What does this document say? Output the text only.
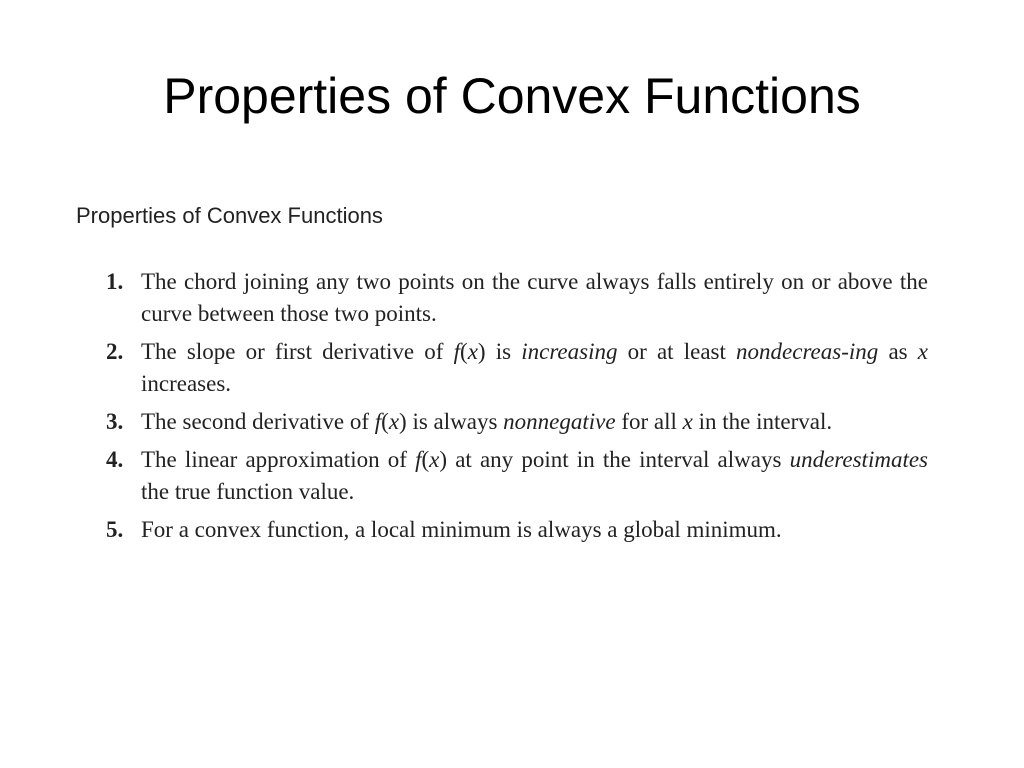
Properties of Convex Functions
Properties of Convex Functions
1. The chord joining any two points on the curve always falls entirely on or above the curve between those two points.
2. The slope or first derivative of f(x) is increasing or at least nondecreas-ing as x increases.
3. The second derivative of f(x) is always nonnegative for all x in the interval.
4. The linear approximation of f(x) at any point in the interval always underestimates the true function value.
5. For a convex function, a local minimum is always a global minimum.
